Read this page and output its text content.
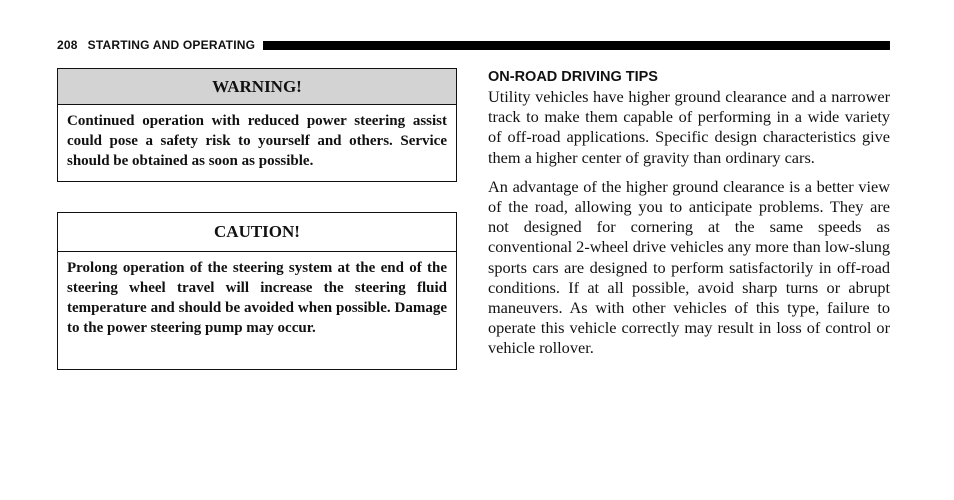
208 STARTING AND OPERATING
WARNING!
Continued operation with reduced power steering assist could pose a safety risk to yourself and others. Service should be obtained as soon as possible.
CAUTION!
Prolong operation of the steering system at the end of the steering wheel travel will increase the steering fluid temperature and should be avoided when possible. Damage to the power steering pump may occur.
ON-ROAD DRIVING TIPS

Utility vehicles have higher ground clearance and a narrower track to make them capable of performing in a wide variety of off-road applications. Specific design characteristics give them a higher center of gravity than ordinary cars.

An advantage of the higher ground clearance is a better view of the road, allowing you to anticipate problems. They are not designed for cornering at the same speeds as conventional 2-wheel drive vehicles any more than low-slung sports cars are designed to perform satisfactorily in off-road conditions. If at all possible, avoid sharp turns or abrupt maneuvers. As with other vehicles of this type, failure to operate this vehicle correctly may result in loss of control or vehicle rollover.
